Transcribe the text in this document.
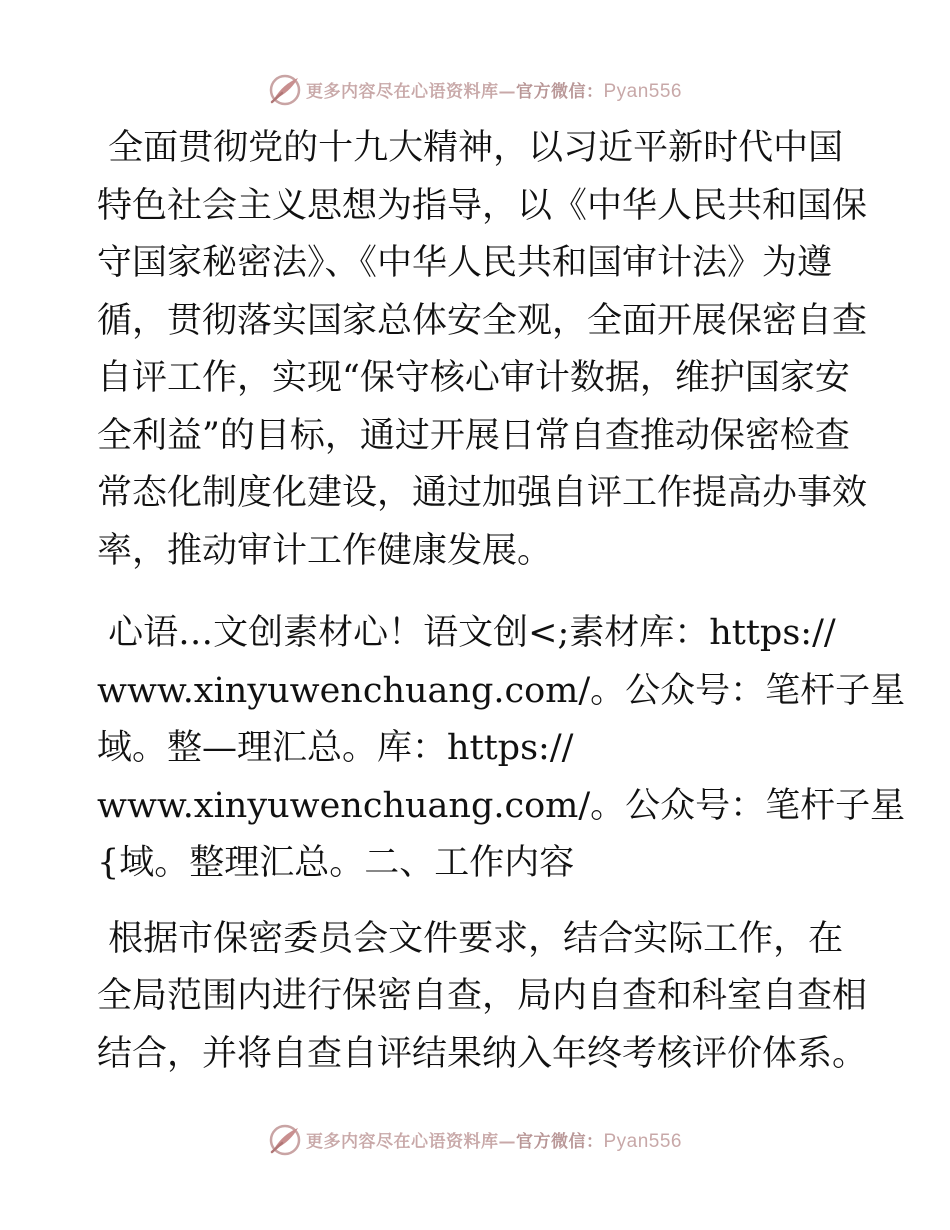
更多内容尽在心语资料库—官方微信：Pyan556

全面贯彻党的十九大精神，以习近平新时代中国
特色社会主义思想为指导，以《中华人民共和国保
守国家秘密法》、《中华人民共和国审计法》为遵
循，贯彻落实国家总体安全观，全面开展保密自查
自评工作，实现“保守核心审计数据，维护国家安
全利益”的目标，通过开展日常自查推动保密检查
常态化制度化建设，通过加强自评工作提高办事效
率，推动审计工作健康发展。

心语…文创素材心！语文创<;素材库：https://
www.xinyuwenchuang.com/。公众号：笔杆子星
域。整—理汇总。库：https://
www.xinyuwenchuang.com/。公众号：笔杆子星
{域。整理汇总。二、工作内容

根据市保密委员会文件要求，结合实际工作，在
全局范围内进行保密自查，局内自查和科室自查相
结合，并将自查自评结果纳入年终考核评价体系。

更多内容尽在心语资料库—官方微信：Pyan556
